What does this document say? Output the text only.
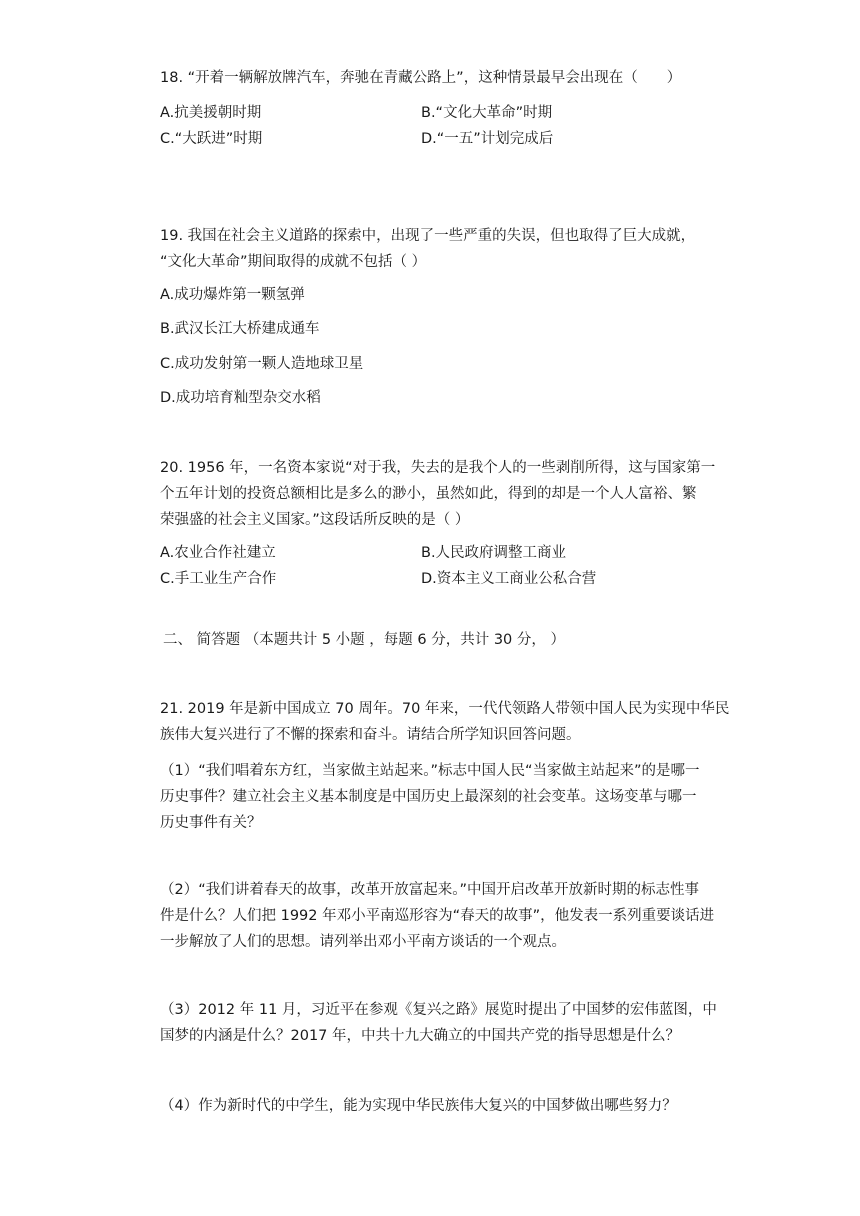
18. “开着一辆解放牌汽车，奔驰在青藏公路上”，这种情景最早会出现在（　　）
A.抗美援朝时期	B.“文化大革命”时期
C.“大跃进”时期	D.“一五”计划完成后
19. 我国在社会主义道路的探索中，出现了一些严重的失误，但也取得了巨大成就，
“文化大革命”期间取得的成就不包括（ ）
A.成功爆炸第一颗氢弹
B.武汉长江大桥建成通车
C.成功发射第一颗人造地球卫星
D.成功培育籼型杂交水稻
20. 1956 年，一名资本家说“对于我，失去的是我个人的一些剥削所得，这与国家第一
个五年计划的投资总额相比是多么的渺小，虽然如此，得到的却是一个人人富裕、繁
荣强盛的社会主义国家。”这段话所反映的是（ ）
A.农业合作社建立	B.人民政府调整工商业
C.手工业生产合作	D.资本主义工商业公私合营
二、 简答题 （本题共计 5 小题 ，每题 6 分，共计 30 分， ）
21. 2019 年是新中国成立 70 周年。70 年来，一代代领路人带领中国人民为实现中华民
族伟大复兴进行了不懈的探索和奋斗。请结合所学知识回答问题。
（1）“我们唱着东方红，当家做主站起来。”标志中国人民“当家做主站起来”的是哪一
历史事件？建立社会主义基本制度是中国历史上最深刻的社会变革。这场变革与哪一
历史事件有关？
（2）“我们讲着春天的故事，改革开放富起来。”中国开启改革开放新时期的标志性事
件是什么？人们把 1992 年邓小平南巡形容为“春天的故事”，他发表一系列重要谈话进
一步解放了人们的思想。请列举出邓小平南方谈话的一个观点。
（3）2012 年 11 月，习近平在参观《复兴之路》展览时提出了中国梦的宏伟蓝图，中
国梦的内涵是什么？2017 年，中共十九大确立的中国共产党的指导思想是什么？
（4）作为新时代的中学生，能为实现中华民族伟大复兴的中国梦做出哪些努力？
